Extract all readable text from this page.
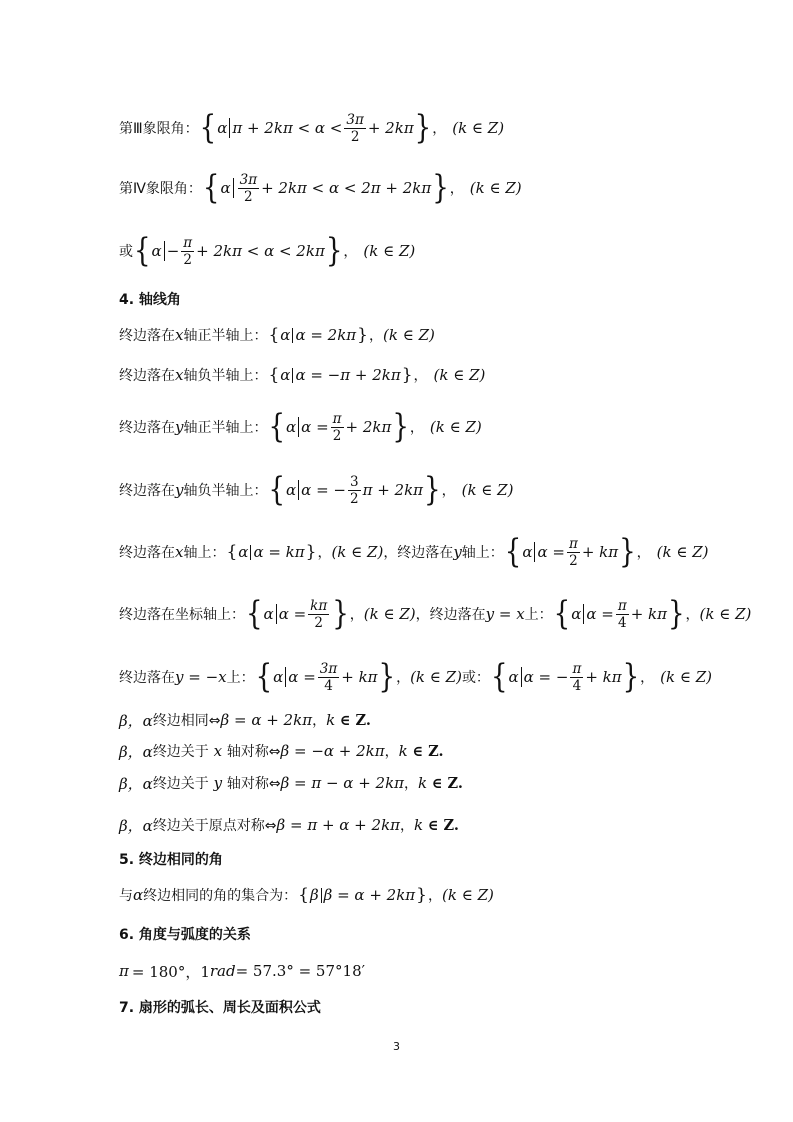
第Ⅲ象限角： { α $\pi + 2k\pi < \alpha < \frac{3\pi}{2} + 2k\pi$ } ， (k ∈ Z)
第Ⅳ象限角： { α $\frac{3\pi}{2} + 2k\pi < \alpha < 2\pi + 2k\pi$ } ， (k ∈ Z)
或 { $\alpha - \frac{\pi}{2} + 2k\pi < \alpha < 2k\pi$ } ， (k ∈ Z)
4. 轴线角
终边落在 x 轴正半轴上： { α α = 2kπ } ， (k ∈ Z)
终边落在 x 轴负半轴上： { α α = −π + 2kπ } ， (k ∈ Z)
终边落在 y 轴正半轴上： { α $\alpha = \frac{\pi}{2} + 2k\pi$ } ， (k ∈ Z)
终边落在 y 轴负半轴上： { α α = − $\frac{3}{2}$ π + 2kπ } ， (k ∈ Z)
终边落在 x 轴上： { α α = kπ } ， (k ∈ Z) ，终边落在 y 轴上： { α $\alpha = \frac{\pi}{2} + k\pi$ } ， (k ∈ Z)
终边落在坐标轴上： { α $\alpha = \frac{k\pi}{2}$ } ， (k ∈ Z) ，终边落在 y = x 上： { α $\alpha = \frac{\pi}{4} + k\pi$ } ， (k ∈ Z)
终边落在 y = −x 上： { α $\alpha = \frac{3\pi}{4} + k\pi$ } ， (k ∈ Z) 或： { α α = − $\frac{\pi}{4} + k\pi$ } ， (k ∈ Z)
β，α 终边相同⇔ β = α + 2kπ ， k
∈ Z.
β，α 终边关于 x 轴对称⇔ β = −α + 2kπ ， k
∈ Z.
β，α 终边关于 y 轴对称⇔ β = π − α + 2kπ ， k
∈ Z.
β，α 终边关于原点对称⇔ β = π + α + 2kπ ， k
∈ Z.
5. 终边相同的角
与 α 终边相同的角的集合为： { β β = α + 2kπ } ， (k ∈ Z)
6. 角度与弧度的关系
π = 180°，1 rad = 57.3° = 57°18′
7. 扇形的弧长、周长及面积公式
3
